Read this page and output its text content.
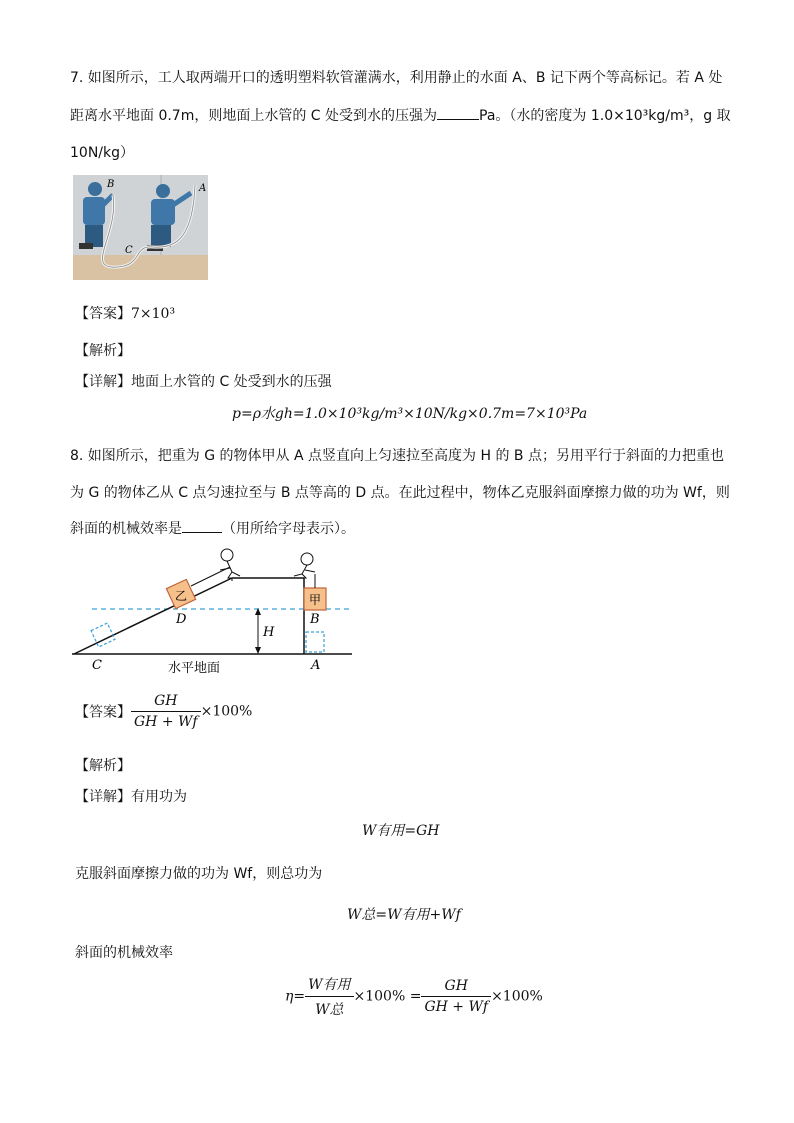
7. 如图所示，工人取两端开口的透明塑料软管灌满水，利用静止的水面 A、B 记下两个等高标记。若 A 处
距离水平地面 0.7m，则地面上水管的 C 处受到水的压强为	Pa。（水的密度为 1.0×10³kg/m³，g 取
10N/kg）
B	A
C
【答案】7×10³
【解析】
【详解】地面上水管的 C 处受到水的压强
p=ρ水gh=1.0×10³kg/m³×10N/kg×0.7m=7×10³Pa
8. 如图所示，把重为 G 的物体甲从 A 点竖直向上匀速拉至高度为 H 的 B 点；另用平行于斜面的力把重也
为 G 的物体乙从 C 点匀速拉至与 B 点等高的 D 点。在此过程中，物体乙克服斜面摩擦力做的功为 Wf，则
斜面的机械效率是	（用所给字母表示）。
乙	甲
D	B
H
C	A
水平地面
【答案】 $\frac{GH}{GH + Wf} \times 100\%$
【解析】
【详解】有用功为
W有用=GH
克服斜面摩擦力做的功为 Wf，则总功为
W总=W有用+Wf
斜面的机械效率
$\eta= \frac{\text{W有用}}{\text{W总}} \times 100\% = \frac{GH}{GH + Wf} \times 100\%$
